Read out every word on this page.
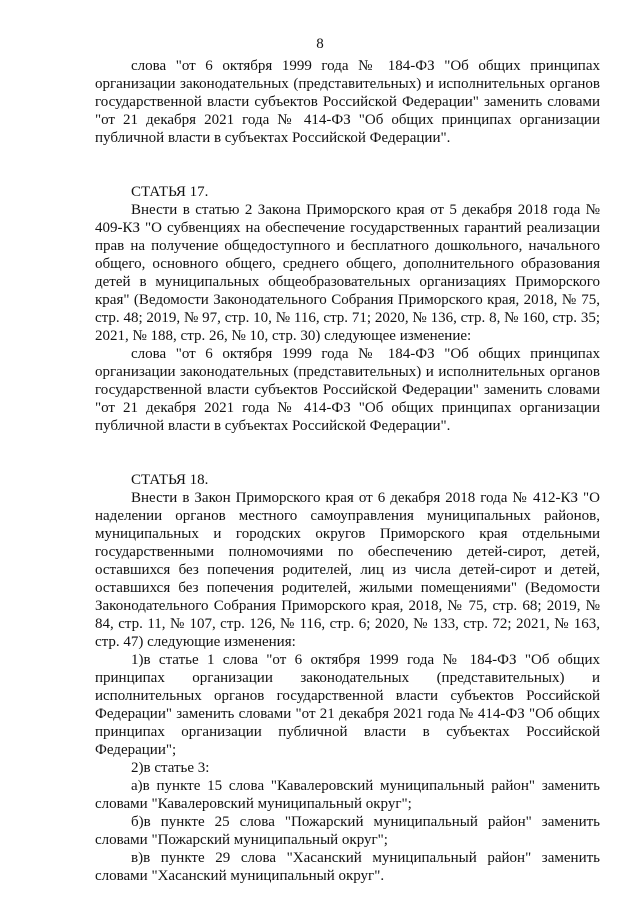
8

слова "от 6 октября 1999 года № 184-ФЗ "Об общих принципах организации законодательных (представительных) и исполнительных органов государственной власти субъектов Российской Федерации" заменить словами "от 21 декабря 2021 года № 414-ФЗ "Об общих принципах организации публичной власти в субъектах Российской Федерации".

СТАТЬЯ 17.

Внести в статью 2 Закона Приморского края от 5 декабря 2018 года № 409-КЗ "О субвенциях на обеспечение государственных гарантий реализации прав на получение общедоступного и бесплатного дошкольного, начального общего, основного общего, среднего общего, дополнительного образования детей в муниципальных общеобразовательных организациях Приморского края" (Ведомости Законодательного Собрания Приморского края, 2018, № 75, стр. 48; 2019, № 97, стр. 10, № 116, стр. 71; 2020, № 136, стр. 8, № 160, стр. 35; 2021, № 188, стр. 26, № 10, стр. 30) следующее изменение:

слова "от 6 октября 1999 года № 184-ФЗ "Об общих принципах организации законодательных (представительных) и исполнительных органов государственной власти субъектов Российской Федерации" заменить словами "от 21 декабря 2021 года № 414-ФЗ "Об общих принципах организации публичной власти в субъектах Российской Федерации".

СТАТЬЯ 18.

Внести в Закон Приморского края от 6 декабря 2018 года № 412-КЗ "О наделении органов местного самоуправления муниципальных районов, муниципальных и городских округов Приморского края отдельными государственными полномочиями по обеспечению детей-сирот, детей, оставшихся без попечения родителей, лиц из числа детей-сирот и детей, оставшихся без попечения родителей, жилыми помещениями" (Ведомости Законодательного Собрания Приморского края, 2018, № 75, стр. 68; 2019, № 84, стр. 11, № 107, стр. 126, № 116, стр. 6; 2020, № 133, стр. 72; 2021, № 163, стр. 47) следующие изменения:

1)в статье 1 слова "от 6 октября 1999 года № 184-ФЗ "Об общих принципах организации законодательных (представительных) и исполнительных органов государственной власти субъектов Российской Федерации" заменить словами "от 21 декабря 2021 года № 414-ФЗ "Об общих принципах организации публичной власти в субъектах Российской Федерации";

2)в статье 3:

а)в пункте 15 слова "Кавалеровский муниципальный район" заменить словами "Кавалеровский муниципальный округ";

б)в пункте 25 слова "Пожарский муниципальный район" заменить словами "Пожарский муниципальный округ";

в)в пункте 29 слова "Хасанский муниципальный район" заменить словами "Хасанский муниципальный округ".
